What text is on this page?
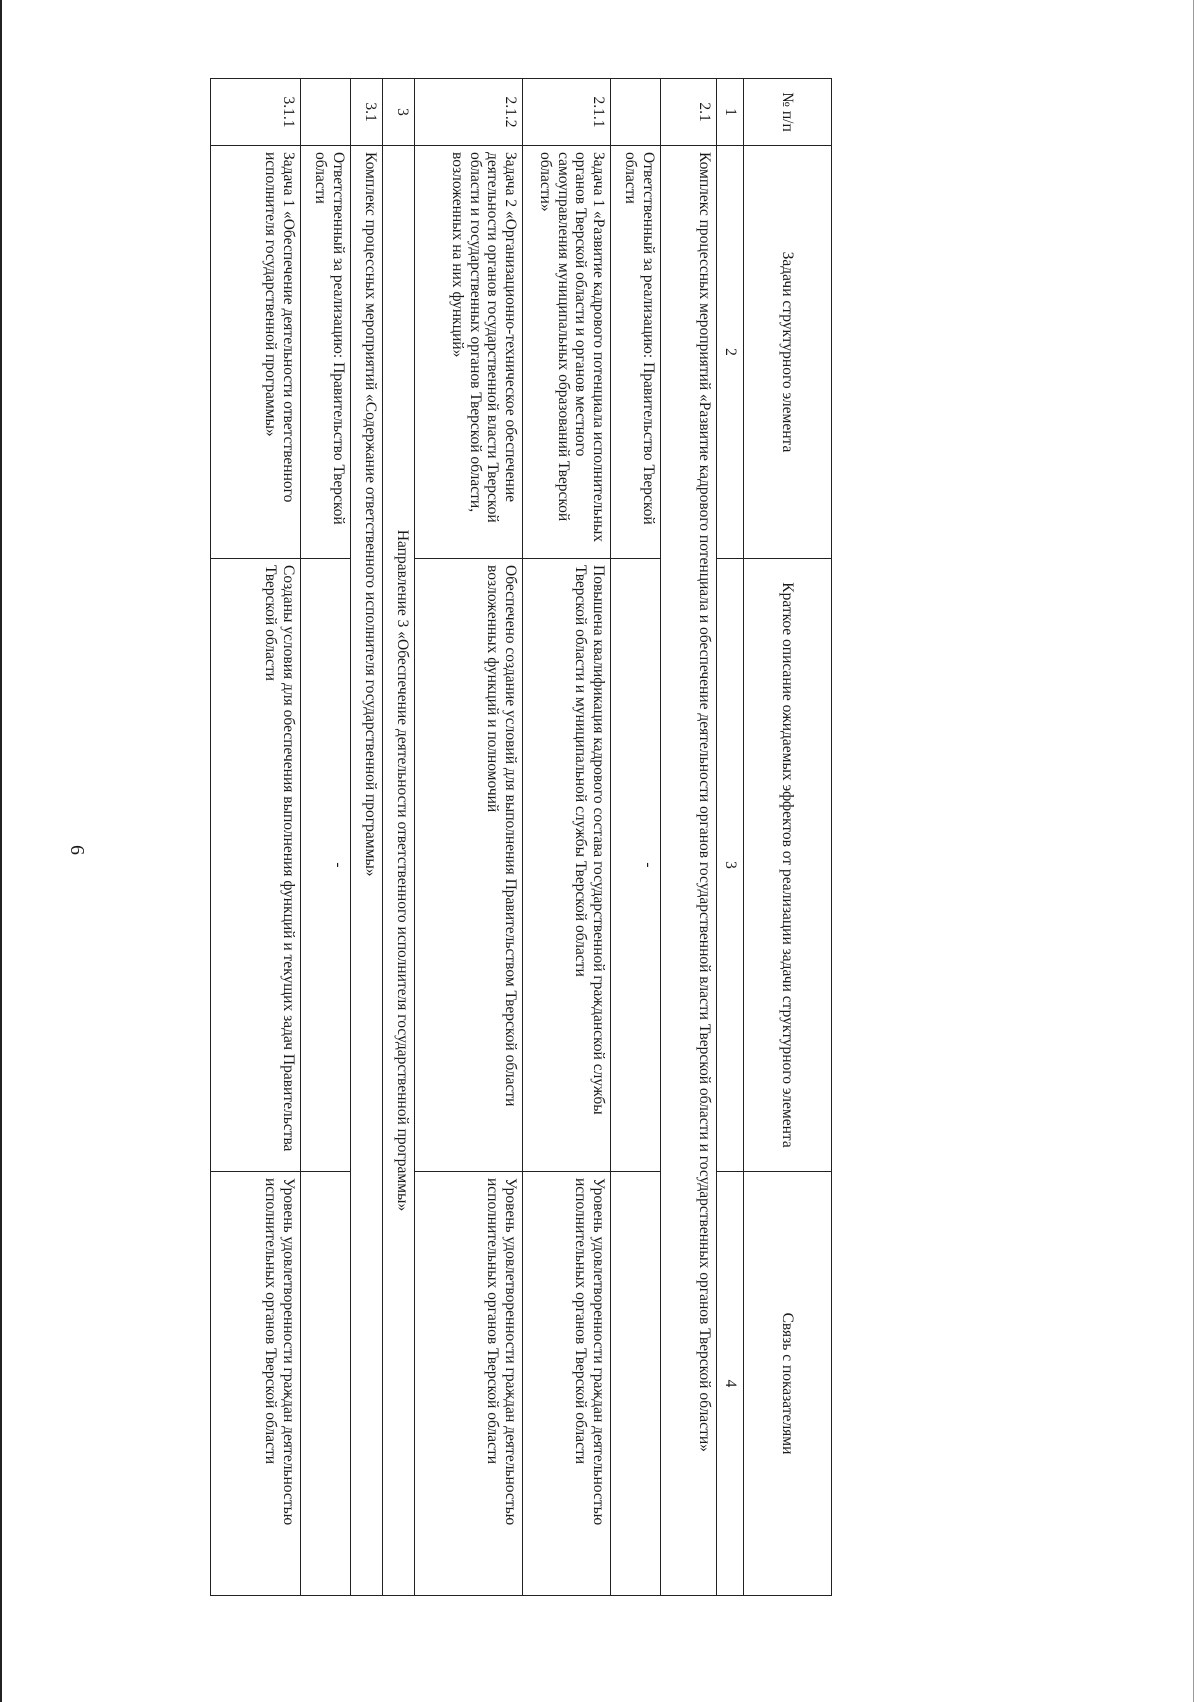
6
№ п/п	Задачи структурного элемента	Краткое описание ожидаемых эффектов от реализации задачи структурного элемента	Связь с показателями
1	2	3	4
2.1	Комплекс процессных мероприятий «Развитие кадрового потенциала и обеспечение деятельности органов государственной власти Тверской области и государственных органов Тверской области»		
	Ответственный за реализацию: Правительство Тверской области	-	
2.1.1	Задача 1 «Развитие кадрового потенциала исполнительных органов Тверской области и органов местного самоуправления муниципальных образований Тверской области»	Повышена квалификация кадрового состава государственной гражданской службы Тверской области и муниципальной службы Тверской области	Уровень удовлетворенности граждан деятельностью исполнительных органов Тверской области
2.1.2	Задача 2 «Организационно-техническое обеспечение деятельности органов государственной власти Тверской области и государственных органов Тверской области, возложенных на них функций»	Обеспечено создание условий для выполнения Правительством Тверской области возложенных функций и полномочий	Уровень удовлетворенности граждан деятельностью исполнительных органов Тверской области
3	Направление 3 «Обеспечение деятельности ответственного исполнителя государственной программы»		
3.1	Комплекс процессных мероприятий «Содержание ответственного исполнителя государственной программы»		
	Ответственный за реализацию: Правительство Тверской области	-	
3.1.1	Задача 1 «Обеспечение деятельности ответственного исполнителя государственной программы»	Созданы условия для обеспечения выполнения функций и текущих задач Правительства Тверской области	Уровень удовлетворенности граждан деятельностью исполнительных органов Тверской области
